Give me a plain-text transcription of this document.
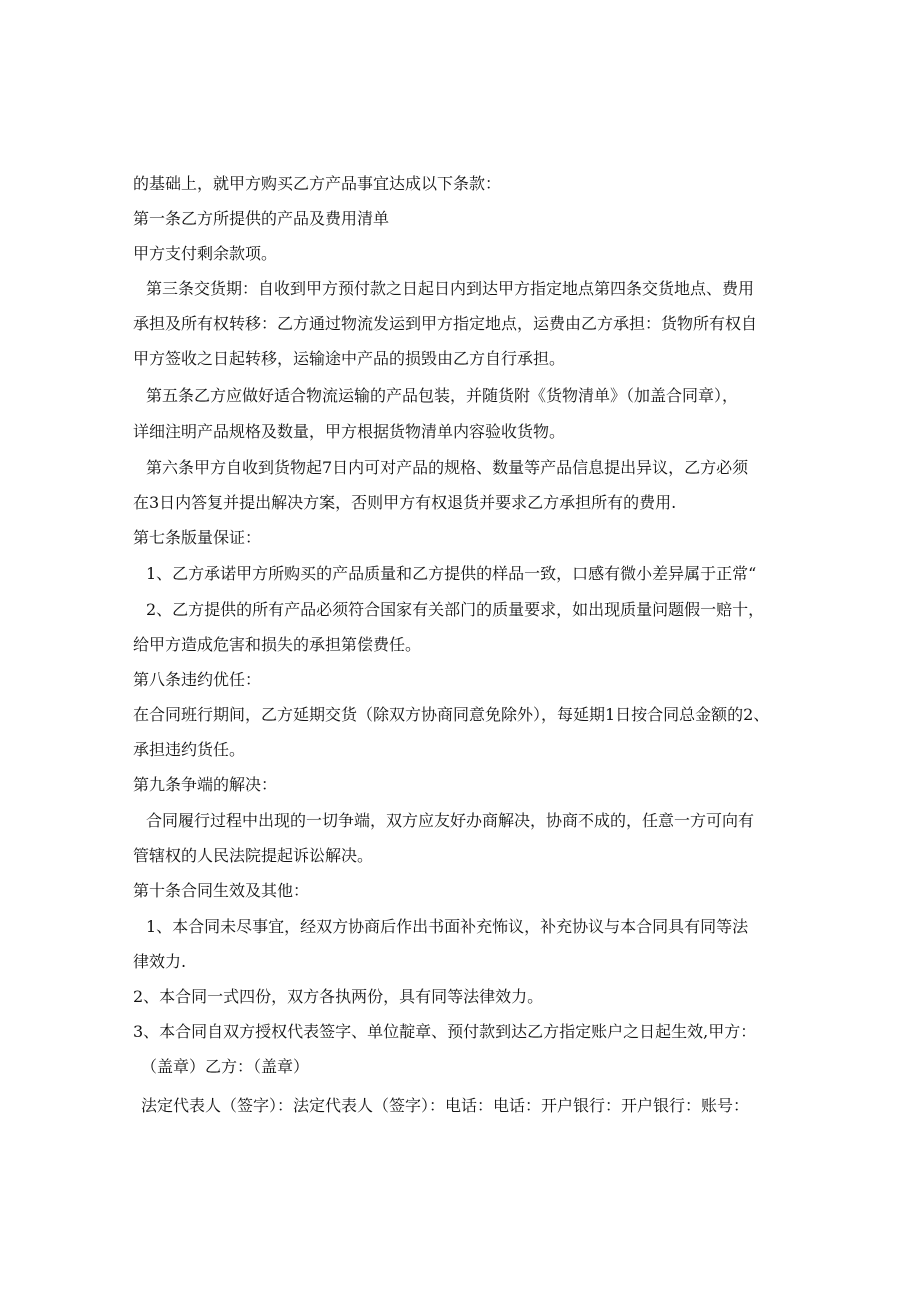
的基础上，就甲方购买乙方产品事宜达成以下条款：
第一条乙方所提供的产品及费用清单
甲方支付剩余款项。
第三条交货期：自收到甲方预付款之日起日内到达甲方指定地点第四条交货地点、费用
承担及所有权转移：乙方通过物流发运到甲方指定地点，运费由乙方承担：货物所有权自
甲方签收之日起转移，运输途中产品的损毁由乙方自行承担。
第五条乙方应做好适合物流运输的产品包装，并随货附《货物清单》（加盖合同章），
详细注明产品规格及数量，甲方根据货物清单内容验收货物。
第六条甲方自收到货物起7日内可对产品的规格、数量等产品信息提出异议，乙方必须
在3日内答复并提出解决方案，否则甲方有权退货并要求乙方承担所有的费用.
第七条版量保证：
1、乙方承诺甲方所购买的产品质量和乙方提供的样品一致，口感有微小差异属于正常“
2、乙方提供的所有产品必须符合国家有关部门的质量要求，如出现质量问题假一赔十，
给甲方造成危害和损失的承担第偿费任。
第八条违约优任：
在合同班行期间，乙方延期交货（除双方协商同意免除外），每延期1日按合同总金额的2、
承担违约货任。
第九条争端的解决：
合同履行过程中出现的一切争端，双方应友好办商解决，协商不成的，任意一方可向有
管辖权的人民法院提起诉讼解决。
第十条合同生效及其他：
1、本合同未尽事宜，经双方协商后作出书面补充怖议，补充协议与本合同具有同等法
律效力.
2、本合同一式四份，双方各执两份，具有同等法律效力。
3、本合同自双方授权代表签字、单位靛章、预付款到达乙方指定账户之日起生效,甲方：
（盖章）乙方：（盖章）
法定代表人（签字）：法定代表人（签字）：电话：电话：开户银行：开户银行：账号：
